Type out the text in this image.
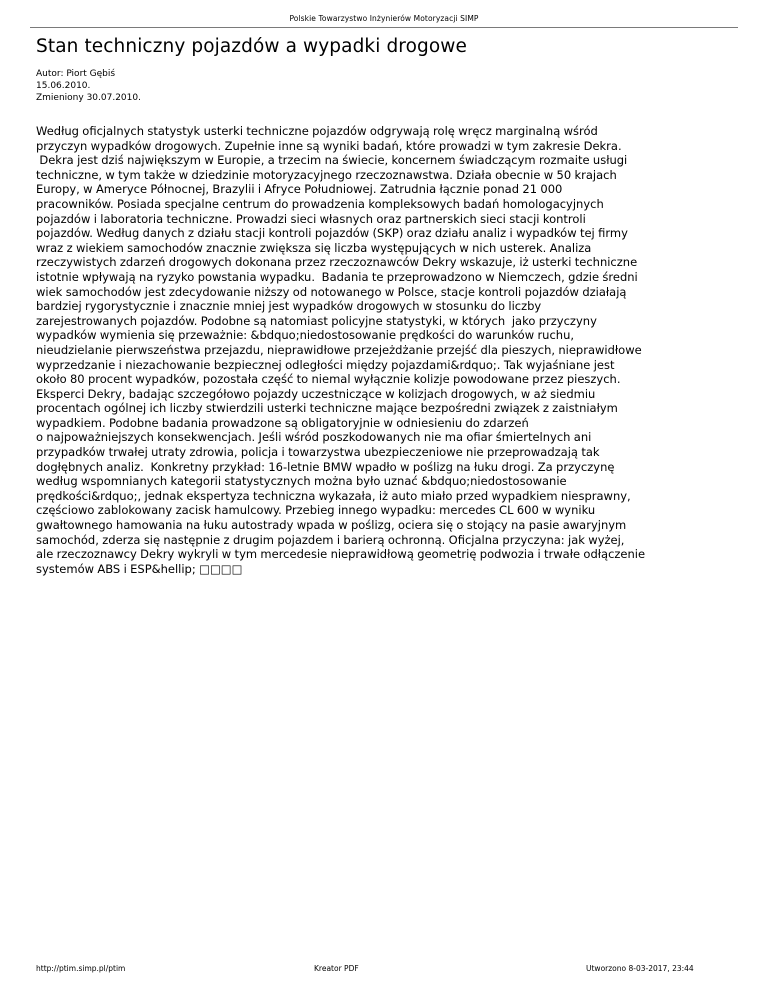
Polskie Towarzystwo Inżynierów Motoryzacji SIMP
Stan techniczny pojazdów a wypadki drogowe
Autor: Piort Gębiś
15.06.2010.
Zmieniony 30.07.2010.
Według oficjalnych statystyk usterki techniczne pojazdów odgrywają rolę wręcz marginalną wśród
przyczyn wypadków drogowych. Zupełnie inne są wyniki badań, które prowadzi w tym zakresie Dekra.
Dekra jest dziś największym w Europie, a trzecim na świecie, koncernem świadczącym rozmaite usługi
techniczne, w tym także w dziedzinie motoryzacyjnego rzeczoznawstwa. Działa obecnie w 50 krajach
Europy, w Ameryce Północnej, Brazylii i Afryce Południowej. Zatrudnia łącznie ponad 21 000
pracowników. Posiada specjalne centrum do prowadzenia kompleksowych badań homologacyjnych
pojazdów i laboratoria techniczne. Prowadzi sieci własnych oraz partnerskich sieci stacji kontroli
pojazdów. Według danych z działu stacji kontroli pojazdów (SKP) oraz działu analiz i wypadków tej firmy
wraz z wiekiem samochodów znacznie zwiększa się liczba występujących w nich usterek. Analiza
rzeczywistych zdarzeń drogowych dokonana przez rzeczoznawców Dekry wskazuje, iż usterki techniczne
istotnie wpływają na ryzyko powstania wypadku.  Badania te przeprowadzono w Niemczech, gdzie średni
wiek samochodów jest zdecydowanie niższy od notowanego w Polsce, stacje kontroli pojazdów działają
bardziej rygorystycznie i znacznie mniej jest wypadków drogowych w stosunku do liczby
zarejestrowanych pojazdów. Podobne są natomiast policyjne statystyki, w których  jako przyczyny
wypadków wymienia się przeważnie: &bdquo;niedostosowanie prędkości do warunków ruchu,
nieudzielanie pierwszeństwa przejazdu, nieprawidłowe przejeżdżanie przejść dla pieszych, nieprawidłowe
wyprzedzanie i niezachowanie bezpiecznej odległości między pojazdami&rdquo;. Tak wyjaśniane jest
około 80 procent wypadków, pozostała część to niemal wyłącznie kolizje powodowane przez pieszych.
Eksperci Dekry, badając szczegółowo pojazdy uczestniczące w kolizjach drogowych, w aż siedmiu
procentach ogólnej ich liczby stwierdzili usterki techniczne mające bezpośredni związek z zaistniałym
wypadkiem. Podobne badania prowadzone są obligatoryjnie w odniesieniu do zdarzeń
o najpoważniejszych konsekwencjach. Jeśli wśród poszkodowanych nie ma ofiar śmiertelnych ani
przypadków trwałej utraty zdrowia, policja i towarzystwa ubezpieczeniowe nie przeprowadzają tak
dogłębnych analiz.  Konkretny przykład: 16-letnie BMW wpadło w poślizg na łuku drogi. Za przyczynę
według wspomnianych kategorii statystycznych można było uznać &bdquo;niedostosowanie
prędkości&rdquo;, jednak ekspertyza techniczna wykazała, iż auto miało przed wypadkiem niesprawny,
częściowo zablokowany zacisk hamulcowy. Przebieg innego wypadku: mercedes CL 600 w wyniku
gwałtownego hamowania na łuku autostrady wpada w poślizg, ociera się o stojący na pasie awaryjnym
samochód, zderza się następnie z drugim pojazdem i barierą ochronną. Oficjalna przyczyna: jak wyżej,
ale rzeczoznawcy Dekry wykryli w tym mercedesie nieprawidłową geometrię podwozia i trwałe odłączenie
systemów ABS i ESP&hellip; □□□□
http://ptim.simp.pl/ptim	Kreator PDF	Utworzono 8-03-2017, 23:44
